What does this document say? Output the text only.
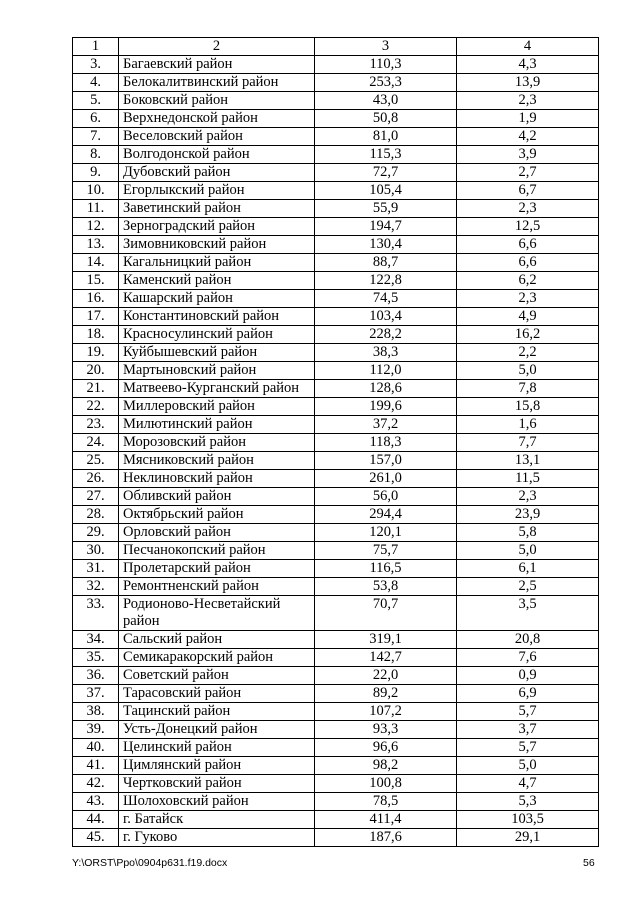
1	2	3	4
3.	Багаевский район	110,3	4,3
4.	Белокалитвинский район	253,3	13,9
5.	Боковский район	43,0	2,3
6.	Верхнедонской район	50,8	1,9
7.	Веселовский район	81,0	4,2
8.	Волгодонской район	115,3	3,9
9.	Дубовский район	72,7	2,7
10.	Егорлыкский район	105,4	6,7
11.	Заветинский район	55,9	2,3
12.	Зерноградский район	194,7	12,5
13.	Зимовниковский район	130,4	6,6
14.	Кагальницкий район	88,7	6,6
15.	Каменский район	122,8	6,2
16.	Кашарский район	74,5	2,3
17.	Константиновский район	103,4	4,9
18.	Красносулинский район	228,2	16,2
19.	Куйбышевский район	38,3	2,2
20.	Мартыновский район	112,0	5,0
21.	Матвеево-Курганский район	128,6	7,8
22.	Миллеровский район	199,6	15,8
23.	Милютинский район	37,2	1,6
24.	Морозовский район	118,3	7,7
25.	Мясниковский район	157,0	13,1
26.	Неклиновский район	261,0	11,5
27.	Обливский район	56,0	2,3
28.	Октябрьский район	294,4	23,9
29.	Орловский район	120,1	5,8
30.	Песчанокопский район	75,7	5,0
31.	Пролетарский район	116,5	6,1
32.	Ремонтненский район	53,8	2,5
33.	Родионово-Несветайский район	70,7	3,5
34.	Сальский район	319,1	20,8
35.	Семикаракорский район	142,7	7,6
36.	Советский район	22,0	0,9
37.	Тарасовский район	89,2	6,9
38.	Тацинский район	107,2	5,7
39.	Усть-Донецкий район	93,3	3,7
40.	Целинский район	96,6	5,7
41.	Цимлянский район	98,2	5,0
42.	Чертковский район	100,8	4,7
43.	Шолоховский район	78,5	5,3
44.	г. Батайск	411,4	103,5
45.	г. Гуково	187,6	29,1
Y:\ORST\Ppo\0904p631.f19.docx	56
